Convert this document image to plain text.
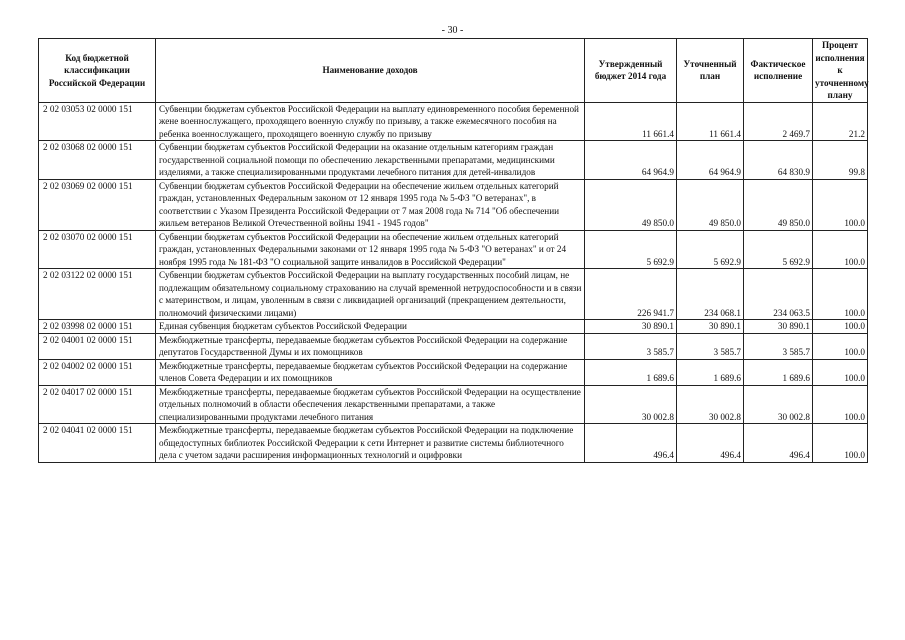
- 30 -
Код бюджетной классификации Российской Федерации	Наименование доходов	Утвержденный бюджет 2014 года	Уточненный план	Фактическое исполнение	Процент исполнения к уточненному плану
2 02 03053 02 0000 151	Субвенции бюджетам субъектов Российской Федерации на выплату единовременного пособия беременной жене военнослужащего, проходящего военную службу по призыву, а также ежемесячного пособия на ребенка военнослужащего, проходящего военную службу по призыву	11 661.4	11 661.4	2 469.7	21.2
2 02 03068 02 0000 151	Субвенции бюджетам субъектов Российской Федерации на оказание отдельным категориям граждан государственной социальной помощи по обеспечению лекарственными препаратами, медицинскими изделиями, а также специализированными продуктами лечебного питания для детей-инвалидов	64 964.9	64 964.9	64 830.9	99.8
2 02 03069 02 0000 151	Субвенции бюджетам субъектов Российской Федерации на обеспечение жильем отдельных категорий граждан, установленных Федеральным законом от 12 января 1995 года № 5-ФЗ "О ветеранах", в соответствии с Указом Президента Российской Федерации от 7 мая 2008 года № 714 "Об обеспечении жильем ветеранов Великой Отечественной войны 1941 - 1945 годов"	49 850.0	49 850.0	49 850.0	100.0
2 02 03070 02 0000 151	Субвенции бюджетам субъектов Российской Федерации на обеспечение жильем отдельных категорий граждан, установленных Федеральными законами от 12 января 1995 года № 5-ФЗ "О ветеранах" и от 24 ноября 1995 года № 181-ФЗ "О социальной защите инвалидов в Российской Федерации"	5 692.9	5 692.9	5 692.9	100.0
2 02 03122 02 0000 151	Субвенции бюджетам субъектов Российской Федерации на выплату государственных пособий лицам, не подлежащим обязательному социальному страхованию на случай временной нетрудоспособности и в связи с материнством, и лицам, уволенным в связи с ликвидацией организаций (прекращением деятельности, полномочий физическими лицами)	226 941.7	234 068.1	234 063.5	100.0
2 02 03998 02 0000 151	Единая субвенция бюджетам субъектов Российской Федерации	30 890.1	30 890.1	30 890.1	100.0
2 02 04001 02 0000 151	Межбюджетные трансферты, передаваемые бюджетам субъектов Российской Федерации на содержание депутатов Государственной Думы и их помощников	3 585.7	3 585.7	3 585.7	100.0
2 02 04002 02 0000 151	Межбюджетные трансферты, передаваемые бюджетам субъектов Российской Федерации на содержание членов Совета Федерации и их помощников	1 689.6	1 689.6	1 689.6	100.0
2 02 04017 02 0000 151	Межбюджетные трансферты, передаваемые бюджетам субъектов Российской Федерации на осуществление отдельных полномочий в области обеспечения лекарственными препаратами, а также специализированными продуктами лечебного питания	30 002.8	30 002.8	30 002.8	100.0
2 02 04041 02 0000 151	Межбюджетные трансферты, передаваемые бюджетам субъектов Российской Федерации на подключение общедоступных библиотек Российской Федерации к сети Интернет и развитие системы библиотечного дела с учетом задачи расширения информационных технологий и оцифровки	496.4	496.4	496.4	100.0
